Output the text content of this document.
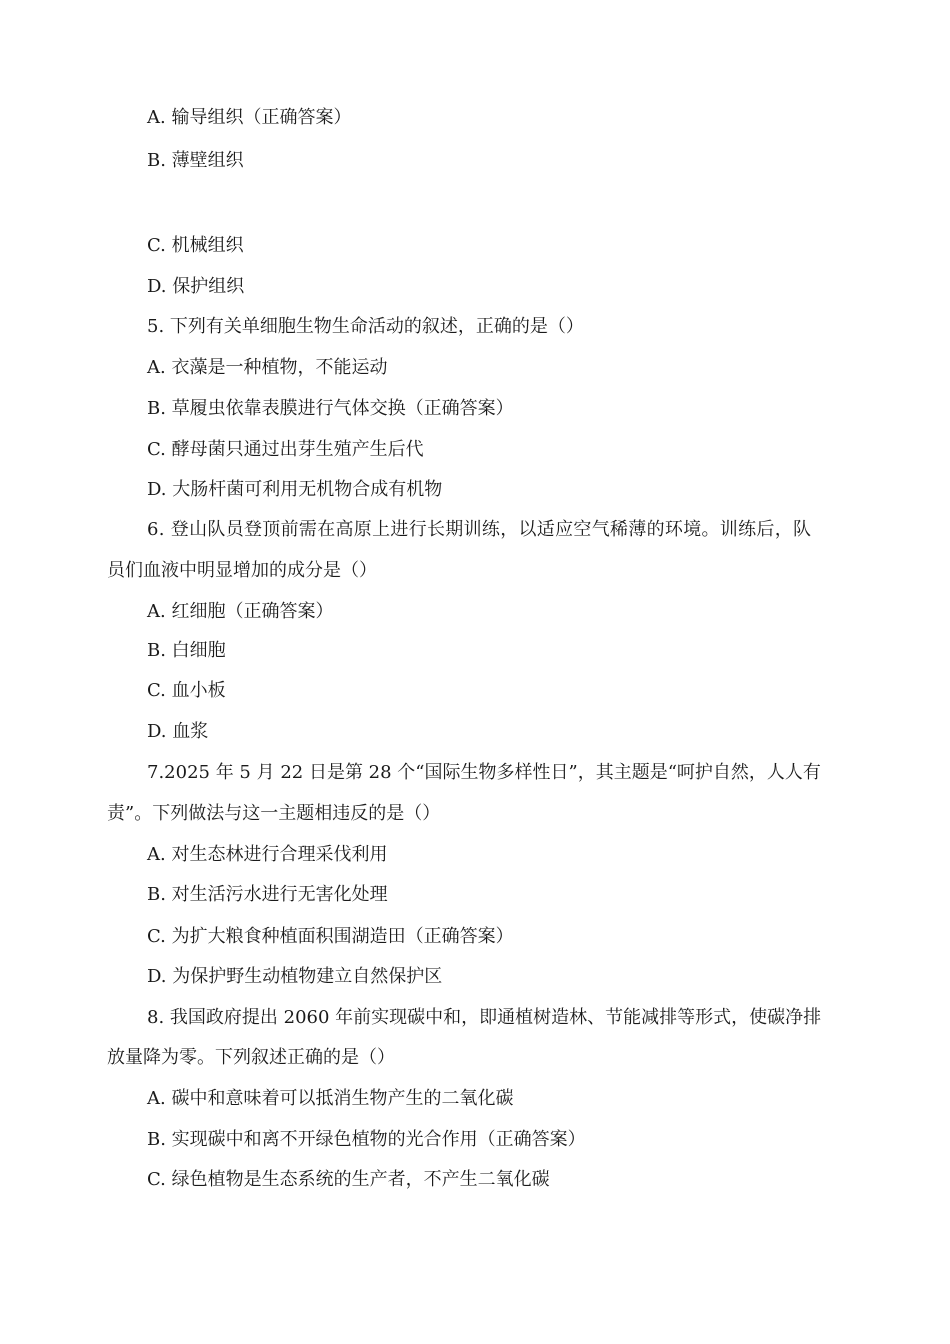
A. 输导组织（正确答案）
B. 薄壁组织
C. 机械组织
D. 保护组织
5. 下列有关单细胞生物生命活动的叙述，正确的是（）
A. 衣藻是一种植物，不能运动
B. 草履虫依靠表膜进行气体交换（正确答案）
C. 酵母菌只通过出芽生殖产生后代
D. 大肠杆菌可利用无机物合成有机物
6. 登山队员登顶前需在高原上进行长期训练，以适应空气稀薄的环境。训练后，队
员们血液中明显增加的成分是（）
A. 红细胞（正确答案）
B. 白细胞
C. 血小板
D. 血浆
7.2025 年 5 月 22 日是第 28 个“国际生物多样性日”，其主题是“呵护自然，人人有
责”。下列做法与这一主题相违反的是（）
A. 对生态林进行合理采伐利用
B. 对生活污水进行无害化处理
C. 为扩大粮食种植面积围湖造田（正确答案）
D. 为保护野生动植物建立自然保护区
8. 我国政府提出 2060 年前实现碳中和，即通植树造林、节能减排等形式，使碳净排
放量降为零。下列叙述正确的是（）
A. 碳中和意味着可以抵消生物产生的二氧化碳
B. 实现碳中和离不开绿色植物的光合作用（正确答案）
C. 绿色植物是生态系统的生产者，不产生二氧化碳
